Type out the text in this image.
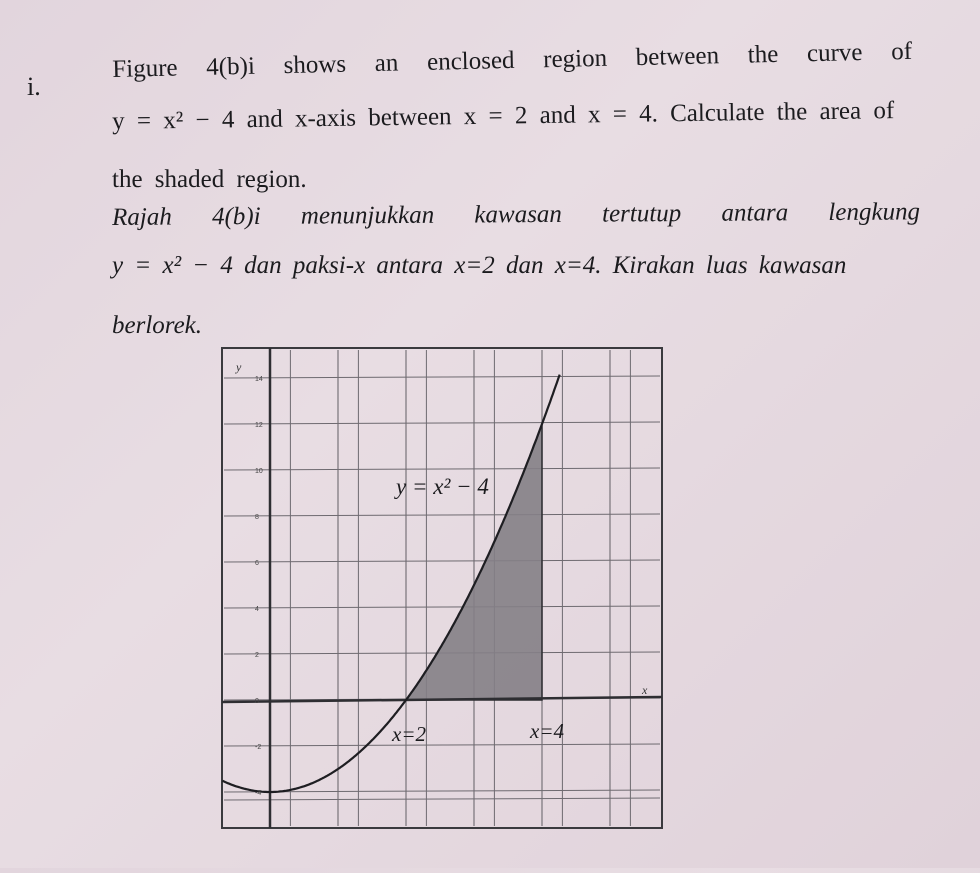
i.
Figure 4(b)i shows an enclosed region between the curve of
y = x² − 4 and x-axis between x = 2 and x = 4. Calculate the area of
the shaded region.
Rajah 4(b)i menunjukkan kawasan tertutup antara lengkung
y = x² − 4 dan paksi-x antara x=2 dan x=4. Kirakan luas kawasan
berlorek.
y
x
14
12
10
8
6
4
2
0
-2
-4
y = x² − 4
x=2	x=4
